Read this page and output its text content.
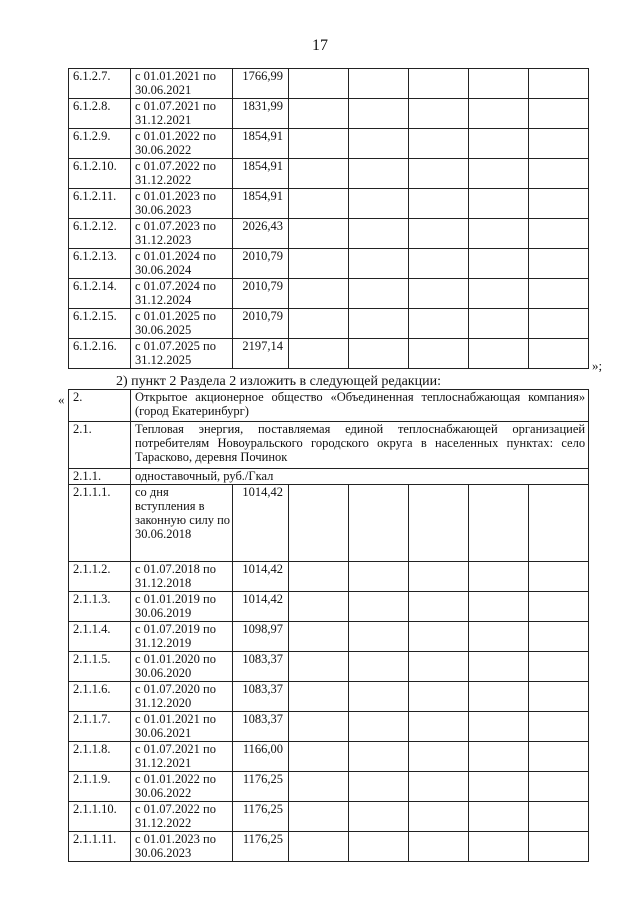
17
6.1.2.7.	с 01.01.2021 по 30.06.2021	1766,99					
6.1.2.8.	с 01.07.2021 по 31.12.2021	1831,99					
6.1.2.9.	с 01.01.2022 по 30.06.2022	1854,91					
6.1.2.10.	с 01.07.2022 по 31.12.2022	1854,91					
6.1.2.11.	с 01.01.2023 по 30.06.2023	1854,91					
6.1.2.12.	с 01.07.2023 по 31.12.2023	2026,43					
6.1.2.13.	с 01.01.2024 по 30.06.2024	2010,79					
6.1.2.14.	с 01.07.2024 по 31.12.2024	2010,79					
6.1.2.15.	с 01.01.2025 по 30.06.2025	2010,79					
6.1.2.16.	с 01.07.2025 по 31.12.2025	2197,14					
»;
2) пункт 2 Раздела 2 изложить в следующей редакции:
« 2.	Открытое акционерное общество «Объединенная теплоснабжающая компания» (город Екатеринбург)						
2.1.	Тепловая энергия, поставляемая единой теплоснабжающей организацией потребителям Новоуральского городского округа в населенных пунктах: село Тарасково, деревня Починок						
2.1.1.	одноставочный, руб./Гкал						
2.1.1.1.	со дня вступления в законную силу по 30.06.2018	1014,42					
2.1.1.2.	с 01.07.2018 по 31.12.2018	1014,42					
2.1.1.3.	с 01.01.2019 по 30.06.2019	1014,42					
2.1.1.4.	с 01.07.2019 по 31.12.2019	1098,97					
2.1.1.5.	с 01.01.2020 по 30.06.2020	1083,37					
2.1.1.6.	с 01.07.2020 по 31.12.2020	1083,37					
2.1.1.7.	с 01.01.2021 по 30.06.2021	1083,37					
2.1.1.8.	с 01.07.2021 по 31.12.2021	1166,00					
2.1.1.9.	с 01.01.2022 по 30.06.2022	1176,25					
2.1.1.10.	с 01.07.2022 по 31.12.2022	1176,25					
2.1.1.11.	с 01.01.2023 по 30.06.2023	1176,25					
